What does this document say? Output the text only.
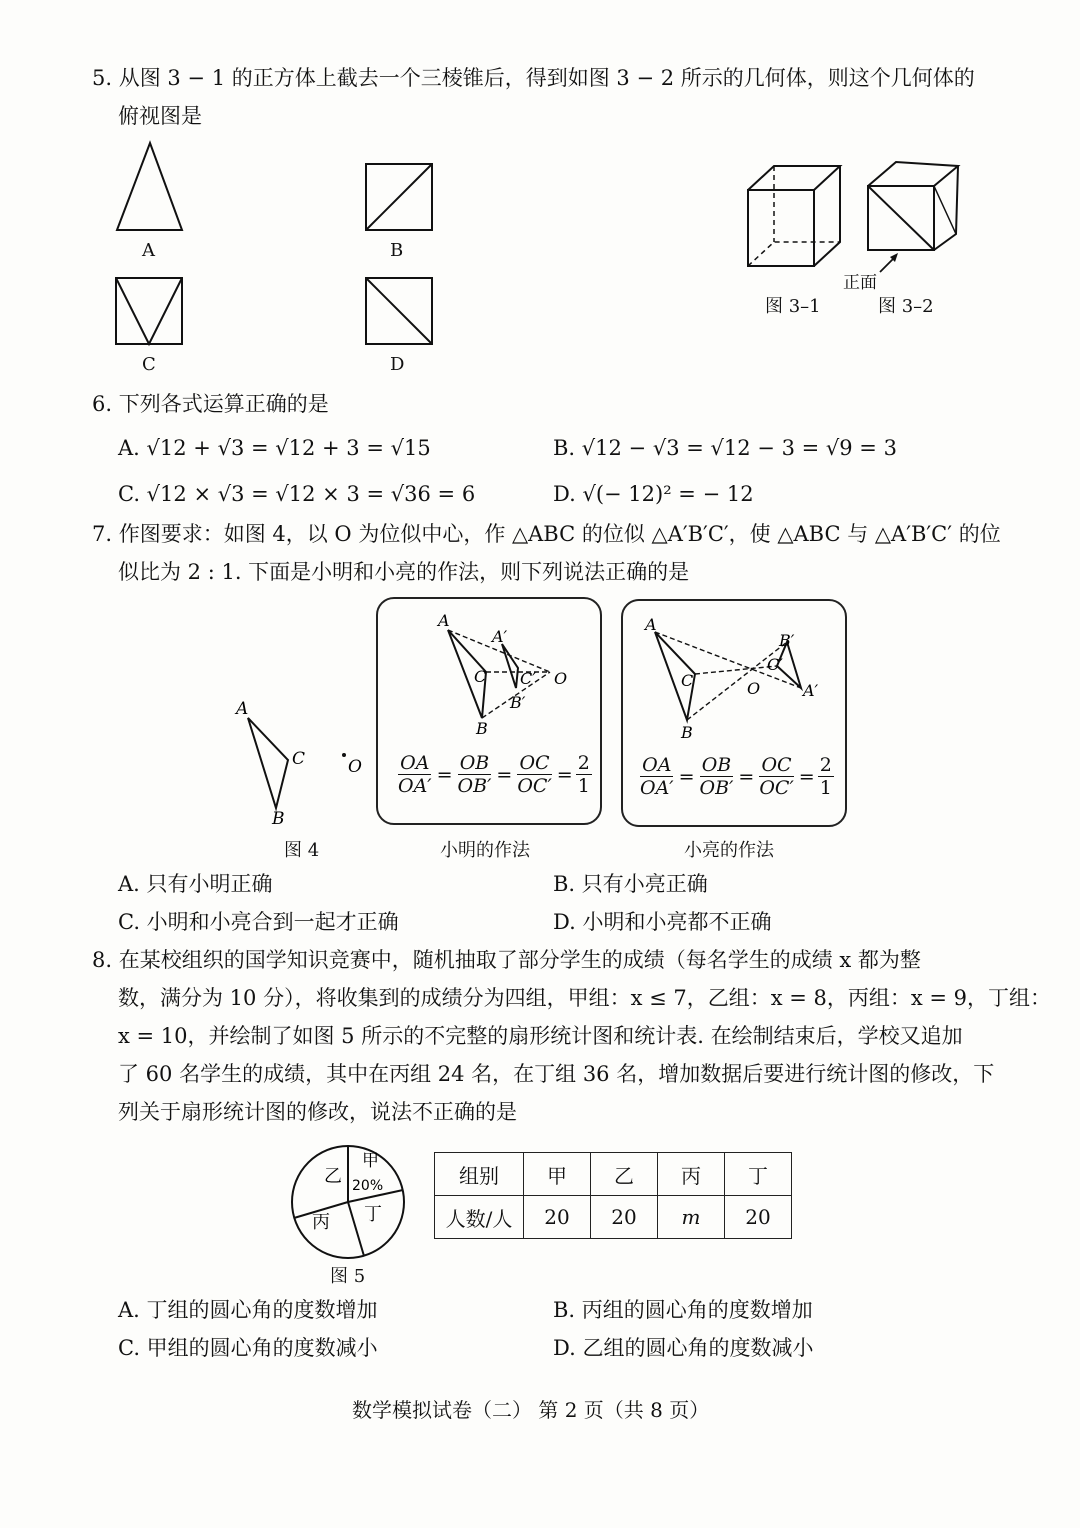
5. 从图 3 − 1 的正方体上截去一个三棱锥后，得到如图 3 − 2 所示的几何体，则这个几何体的
俯视图是
A	B
C	D
正面
图 3–1	图 3–2
6. 下列各式运算正确的是
A. √12 + √3 = √12 + 3 = √15	B. √12 − √3 = √12 − 3 = √9 = 3
C. √12 × √3 = √12 × 3 = √36 = 6	D. √(− 12)² = − 12
7. 作图要求：如图 4，以 O 为位似中心，作 △ABC 的位似 △A′B′C′，使 △ABC 与 △A′B′C′ 的位
似比为 2 : 1. 下面是小明和小亮的作法，则下列说法正确的是
A
C
B
O
图 4
A
C
B
A′
C′
B′
O
$\frac{OA}{OA'} = \frac{OB}{OB'} = \frac{OC}{OC'} = \frac{2}{1}$
小明的作法
A
C
B
B′
C′
A′
O
$\frac{OA}{OA'} = \frac{OB}{OB'} = \frac{OC}{OC'} = \frac{2}{1}$
小亮的作法
A. 只有小明正确	B. 只有小亮正确
C. 小明和小亮合到一起才正确	D. 小明和小亮都不正确
8. 在某校组织的国学知识竞赛中，随机抽取了部分学生的成绩（每名学生的成绩 x 都为整
数，满分为 10 分），将收集到的成绩分为四组，甲组：x ≤ 7，乙组：x = 8，丙组：x = 9，丁组：
x = 10，并绘制了如图 5 所示的不完整的扇形统计图和统计表. 在绘制结束后，学校又追加
了 60 名学生的成绩，其中在丙组 24 名，在丁组 36 名，增加数据后要进行统计图的修改，下
列关于扇形统计图的修改，说法不正确的是
乙
甲
20%
丙 丁
图 5
组别	甲	乙	丙	丁
人数/人	20	20	m	20
A. 丁组的圆心角的度数增加	B. 丙组的圆心角的度数增加
C. 甲组的圆心角的度数减小	D. 乙组的圆心角的度数减小
数学模拟试卷（二） 第 2 页（共 8 页）
